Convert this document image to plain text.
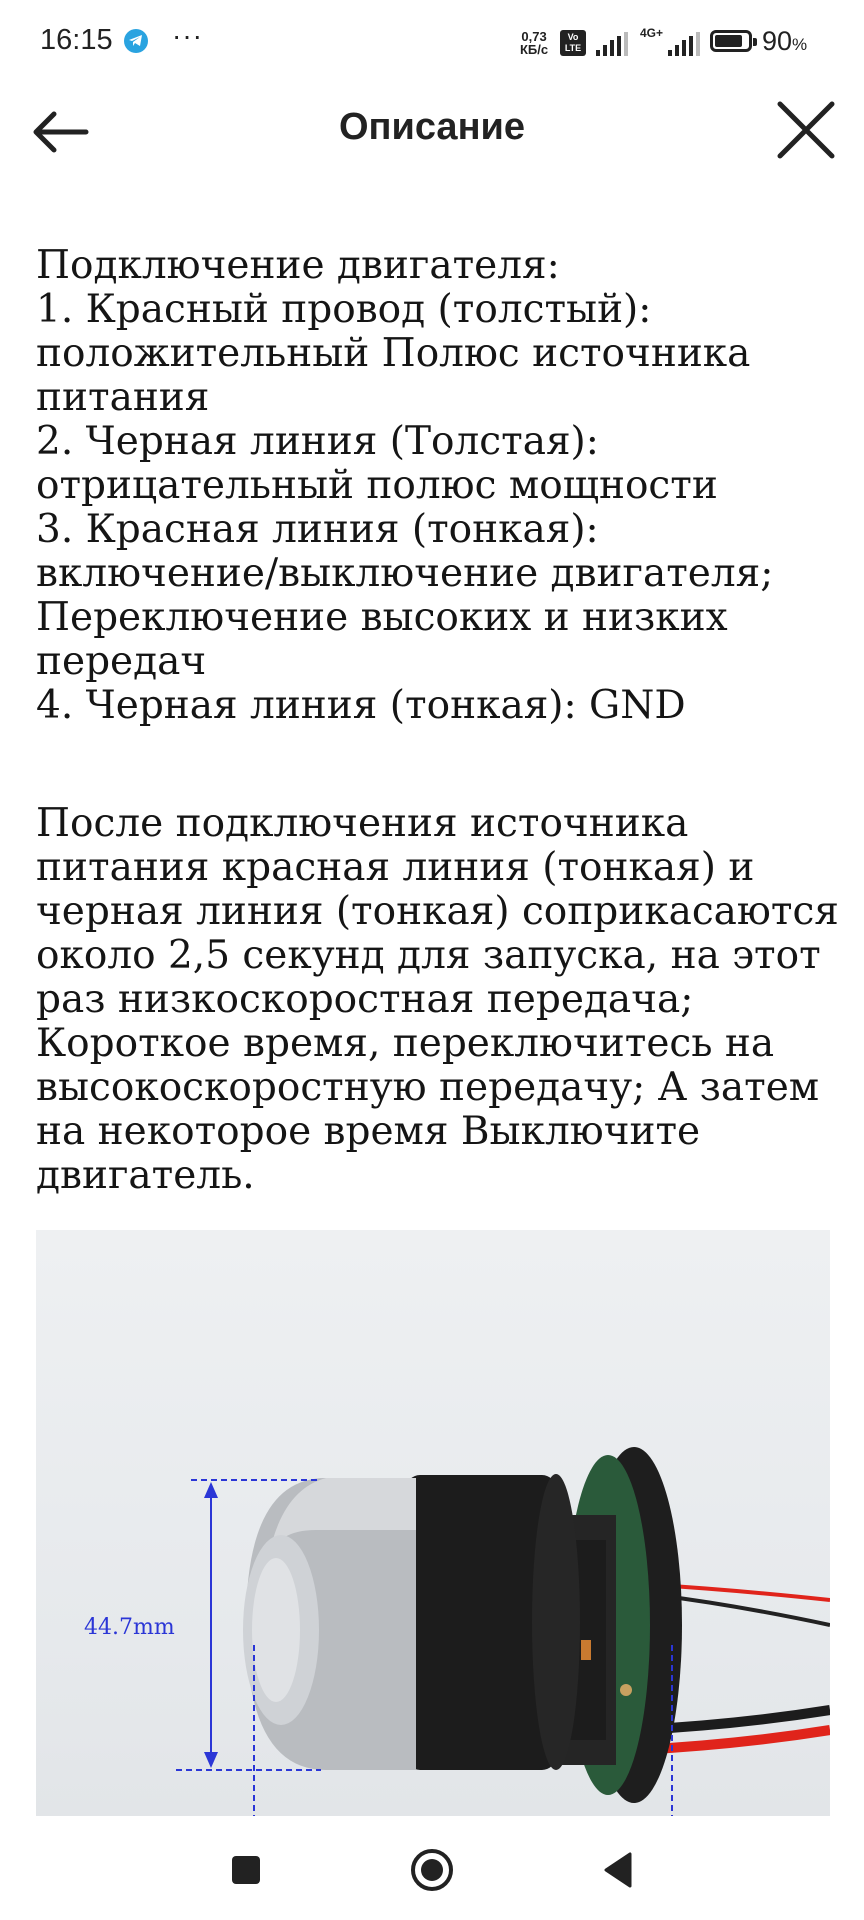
16:15 ···	0,73
КБ/с
Vo LTE
4G+	90%
Описание

Подключение двигателя:
1. Красный провод (толстый): положительный Полюс источника питания
2. Черная линия (Толстая): отрицательный полюс мощности
3. Красная линия (тонкая): включение/выключение двигателя; Переключение высоких и низких передач
4. Черная линия (тонкая): GND

После подключения источника питания красная линия (тонкая) и черная линия (тонкая) соприкасаются около 2,5 секунд для запуска, на этот раз низкоскоростная передача; Короткое время, переключитесь на высокоскоростную передачу; А затем на некоторое время Выключите двигатель.

44.7mm
